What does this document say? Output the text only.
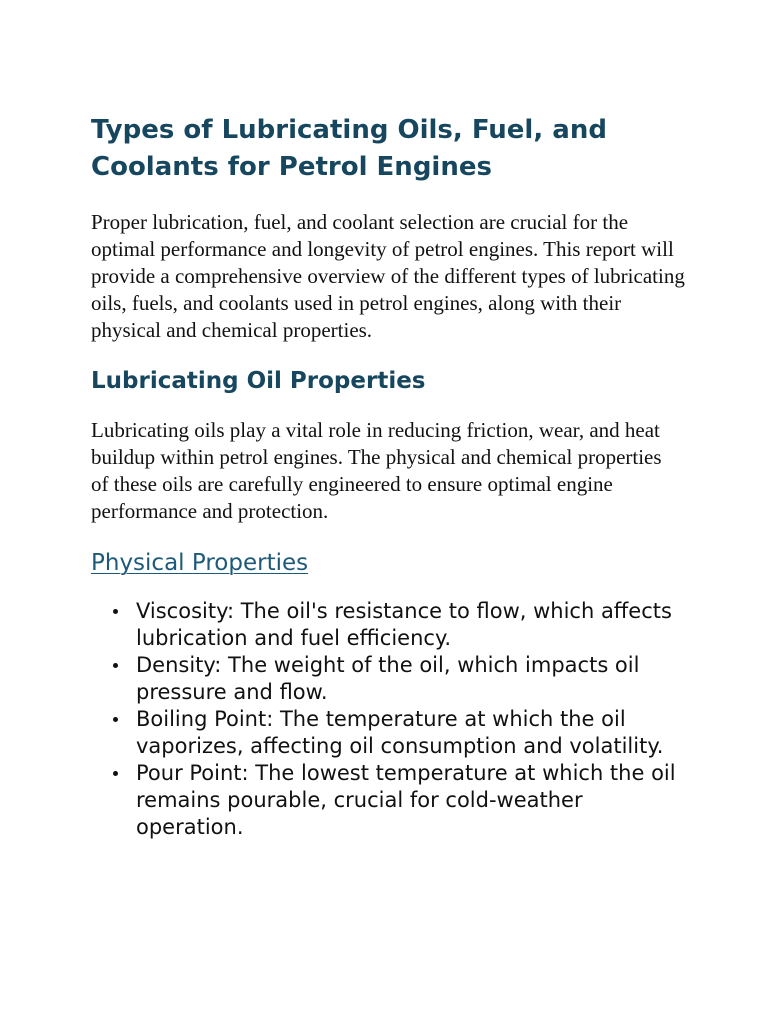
Types of Lubricating Oils, Fuel, and Coolants for Petrol Engines

Proper lubrication, fuel, and coolant selection are crucial for the optimal performance and longevity of petrol engines. This report will provide a comprehensive overview of the different types of lubricating oils, fuels, and coolants used in petrol engines, along with their physical and chemical properties.

Lubricating Oil Properties

Lubricating oils play a vital role in reducing friction, wear, and heat buildup within petrol engines. The physical and chemical properties of these oils are carefully engineered to ensure optimal engine performance and protection.

Physical Properties
Viscosity: The oil's resistance to flow, which affects lubrication and fuel efficiency.
Density: The weight of the oil, which impacts oil pressure and flow.
Boiling Point: The temperature at which the oil vaporizes, affecting oil consumption and volatility.
Pour Point: The lowest temperature at which the oil remains pourable, crucial for cold-weather operation.
